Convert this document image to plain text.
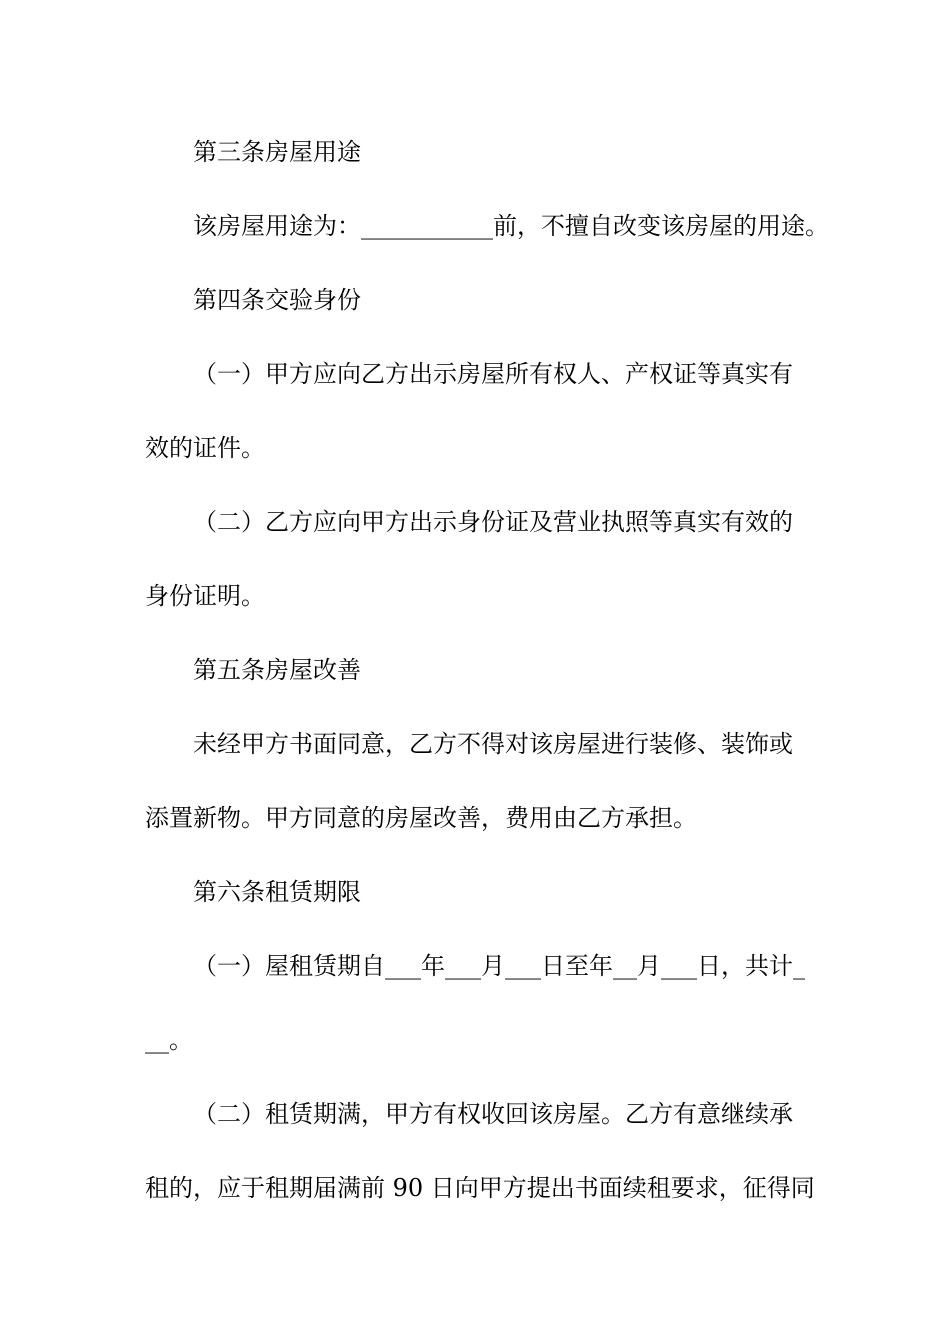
第三条房屋用途
该房屋用途为：___________前，不擅自改变该房屋的用途。
第四条交验身份
（一）甲方应向乙方出示房屋所有权人、产权证等真实有
效的证件。
（二）乙方应向甲方出示身份证及营业执照等真实有效的
身份证明。
第五条房屋改善
未经甲方书面同意，乙方不得对该房屋进行装修、装饰或
添置新物。甲方同意的房屋改善，费用由乙方承担。
第六条租赁期限
（一）屋租赁期自___年___月___日至年__月___日，共计_
__。
（二）租赁期满，甲方有权收回该房屋。乙方有意继续承
租的，应于租期届满前 90 日向甲方提出书面续租要求，征得同
